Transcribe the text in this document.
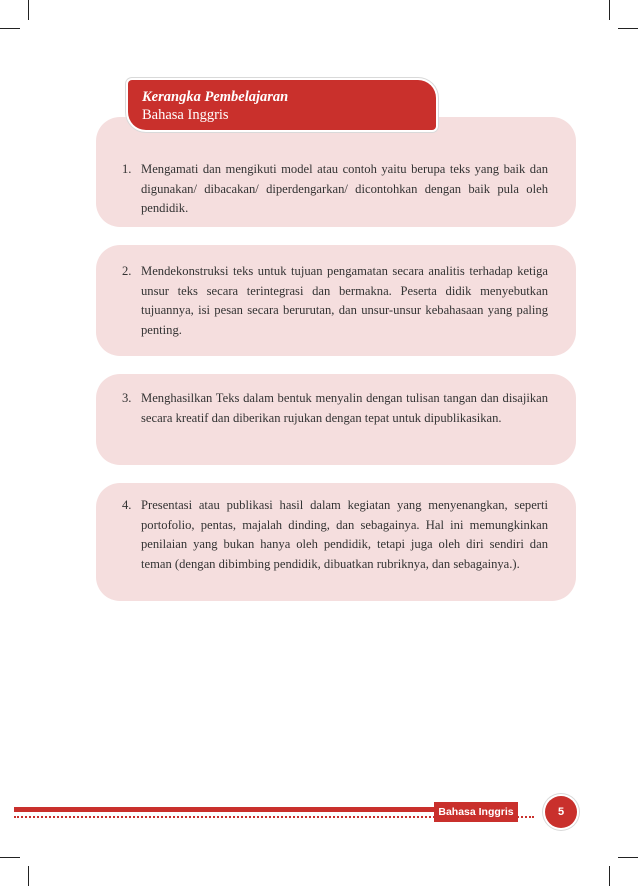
Kerangka Pembelajaran
Bahasa Inggris
1. Mengamati dan mengikuti model atau contoh yaitu berupa teks yang baik dan digunakan/ dibacakan/ diperdengarkan/ dicontohkan dengan baik pula oleh pendidik.
2. Mendekonstruksi teks untuk tujuan pengamatan secara analitis terhadap ketiga unsur teks secara terintegrasi dan bermakna. Peserta didik menyebutkan tujuannya, isi pesan secara berurutan, dan unsur-unsur kebahasaan yang paling penting.
3. Menghasilkan Teks dalam bentuk menyalin dengan tulisan tangan dan disajikan secara kreatif dan diberikan rujukan dengan tepat untuk dipublikasikan.
4. Presentasi atau publikasi hasil dalam kegiatan yang menyenangkan, seperti portofolio, pentas, majalah dinding, dan sebagainya. Hal ini memungkinkan penilaian yang bukan hanya oleh pendidik, tetapi juga oleh diri sendiri dan teman (dengan dibimbing pendidik, dibuatkan rubriknya, dan sebagainya.).
Bahasa Inggris	5
